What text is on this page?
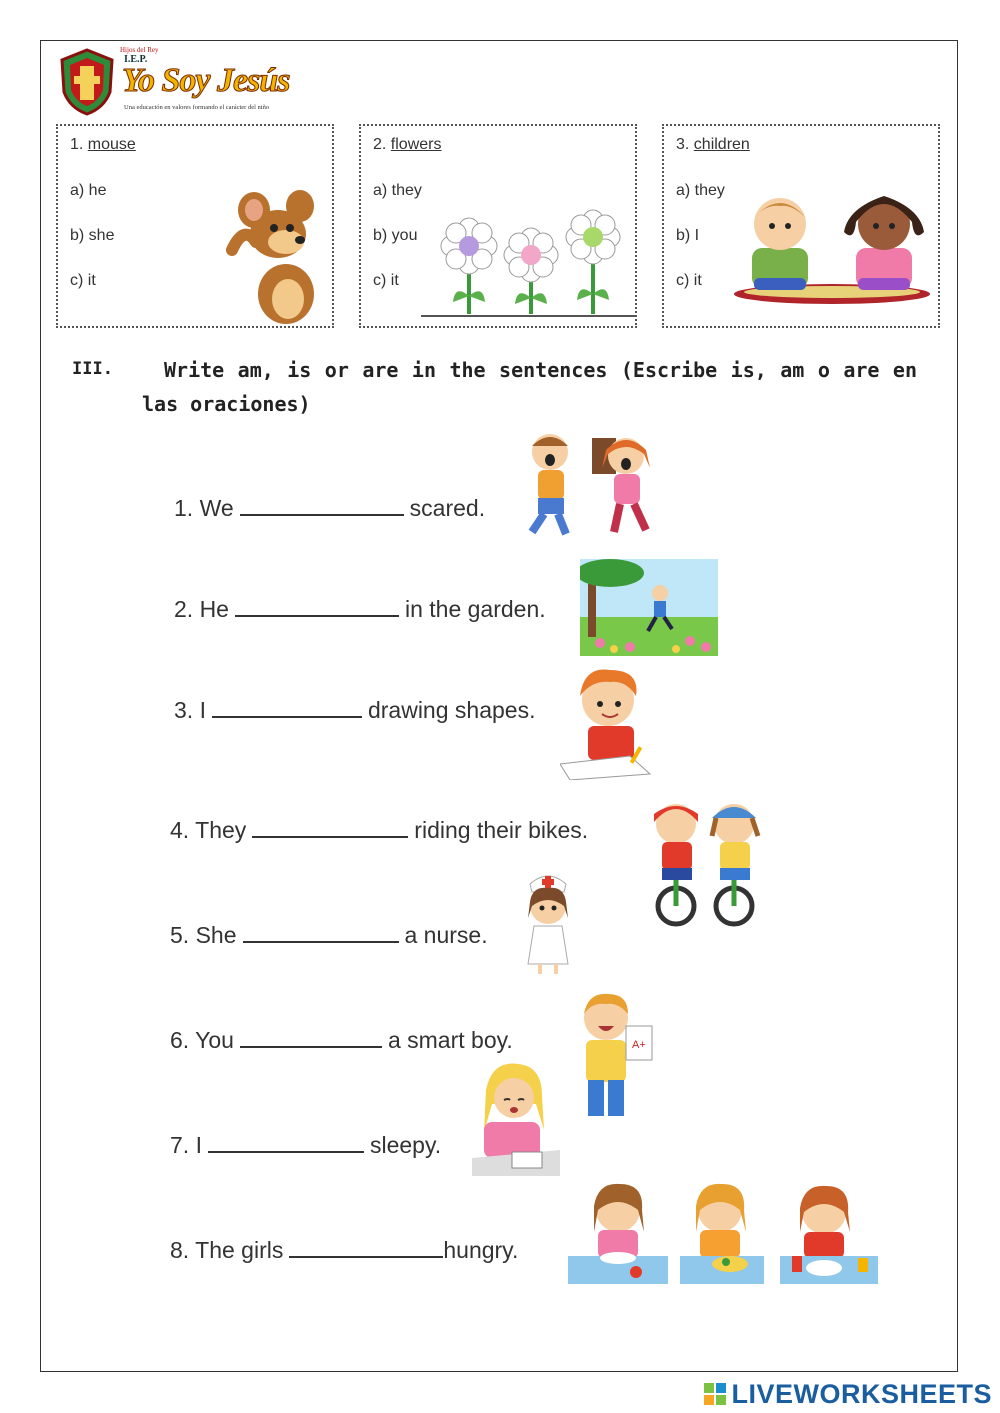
Hijos del Rey
I.E.P.
Yo Soy Jesús
Una educación en valores formando el carácter del niño
1. mouse
a) he
b) she
c) it
2. flowers
a) they
b) you
c) it
3. children
a) they
b) I
c) it
III.	Write am, is or are in the sentences (Escribe is, am o are en las oraciones)
1. We	scared.
2. He	in the garden.
3. I	drawing shapes.
4. They	riding their bikes.
5. She	a nurse.
6. You	a smart boy.
7. I	sleepy.
8. The girls	hungry.
A+
LIVEWORKSHEETS
